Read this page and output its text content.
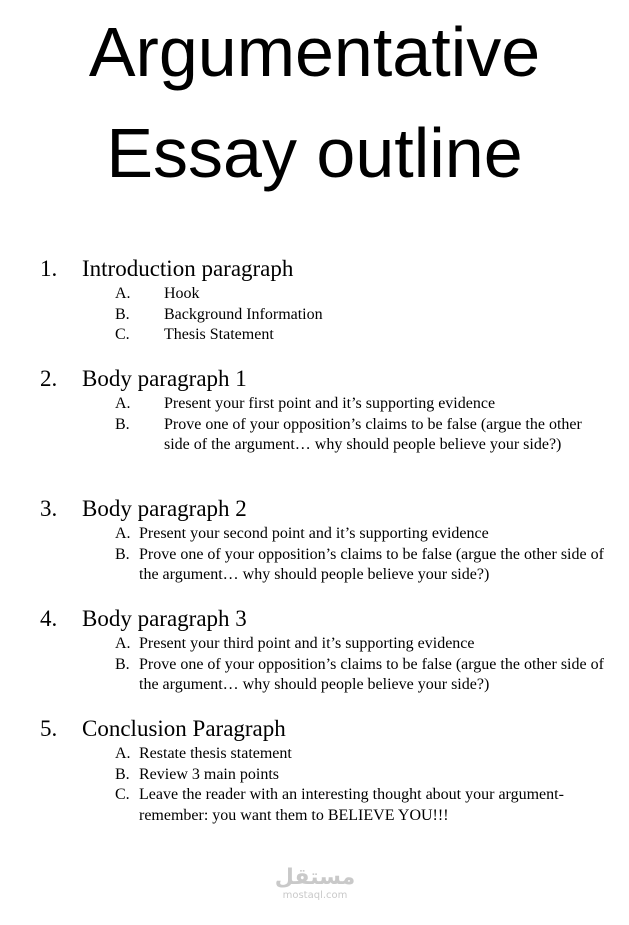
Argumentative
Essay outline
1. Introduction paragraph
A. Hook
B. Background Information
C. Thesis Statement
2. Body paragraph 1
A. Present your first point and it’s supporting evidence
B. Prove one of your opposition’s claims to be false (argue the other side of the argument… why should people believe your side?)
3. Body paragraph 2
A. Present your second point and it’s supporting evidence
B. Prove one of your opposition’s claims to be false (argue the other side of the argument… why should people believe your side?)
4. Body paragraph 3
A. Present your third point and it’s supporting evidence
B. Prove one of your opposition’s claims to be false (argue the other side of the argument… why should people believe your side?)
5. Conclusion Paragraph
A. Restate thesis statement
B. Review 3 main points
C. Leave the reader with an interesting thought about your argument- remember: you want them to BELIEVE YOU!!!
مستقل
mostaql.com
